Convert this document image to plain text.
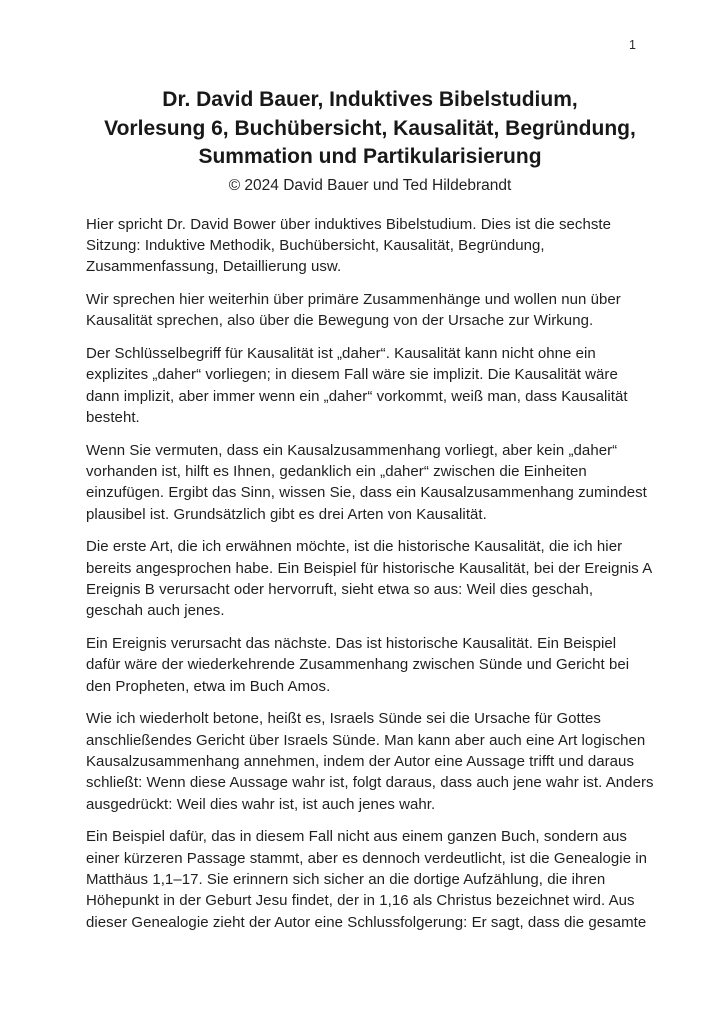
1
Dr. David Bauer, Induktives Bibelstudium,
Vorlesung 6, Buchübersicht, Kausalität, Begründung,
Summation und Partikularisierung

© 2024 David Bauer und Ted Hildebrandt

Hier spricht Dr. David Bower über induktives Bibelstudium. Dies ist die sechste Sitzung: Induktive Methodik, Buchübersicht, Kausalität, Begründung, Zusammenfassung, Detaillierung usw.

Wir sprechen hier weiterhin über primäre Zusammenhänge und wollen nun über Kausalität sprechen, also über die Bewegung von der Ursache zur Wirkung.

Der Schlüsselbegriff für Kausalität ist „daher“. Kausalität kann nicht ohne ein explizites „daher“ vorliegen; in diesem Fall wäre sie implizit. Die Kausalität wäre dann implizit, aber immer wenn ein „daher“ vorkommt, weiß man, dass Kausalität besteht.

Wenn Sie vermuten, dass ein Kausalzusammenhang vorliegt, aber kein „daher“ vorhanden ist, hilft es Ihnen, gedanklich ein „daher“ zwischen die Einheiten einzufügen. Ergibt das Sinn, wissen Sie, dass ein Kausalzusammenhang zumindest plausibel ist. Grundsätzlich gibt es drei Arten von Kausalität.

Die erste Art, die ich erwähnen möchte, ist die historische Kausalität, die ich hier bereits angesprochen habe. Ein Beispiel für historische Kausalität, bei der Ereignis A Ereignis B verursacht oder hervorruft, sieht etwa so aus: Weil dies geschah, geschah auch jenes.

Ein Ereignis verursacht das nächste. Das ist historische Kausalität. Ein Beispiel dafür wäre der wiederkehrende Zusammenhang zwischen Sünde und Gericht bei den Propheten, etwa im Buch Amos.

Wie ich wiederholt betone, heißt es, Israels Sünde sei die Ursache für Gottes anschließendes Gericht über Israels Sünde. Man kann aber auch eine Art logischen Kausalzusammenhang annehmen, indem der Autor eine Aussage trifft und daraus schließt: Wenn diese Aussage wahr ist, folgt daraus, dass auch jene wahr ist. Anders ausgedrückt: Weil dies wahr ist, ist auch jenes wahr.

Ein Beispiel dafür, das in diesem Fall nicht aus einem ganzen Buch, sondern aus einer kürzeren Passage stammt, aber es dennoch verdeutlicht, ist die Genealogie in Matthäus 1,1–17. Sie erinnern sich sicher an die dortige Aufzählung, die ihren Höhepunkt in der Geburt Jesu findet, der in 1,16 als Christus bezeichnet wird. Aus dieser Genealogie zieht der Autor eine Schlussfolgerung: Er sagt, dass die gesamte
